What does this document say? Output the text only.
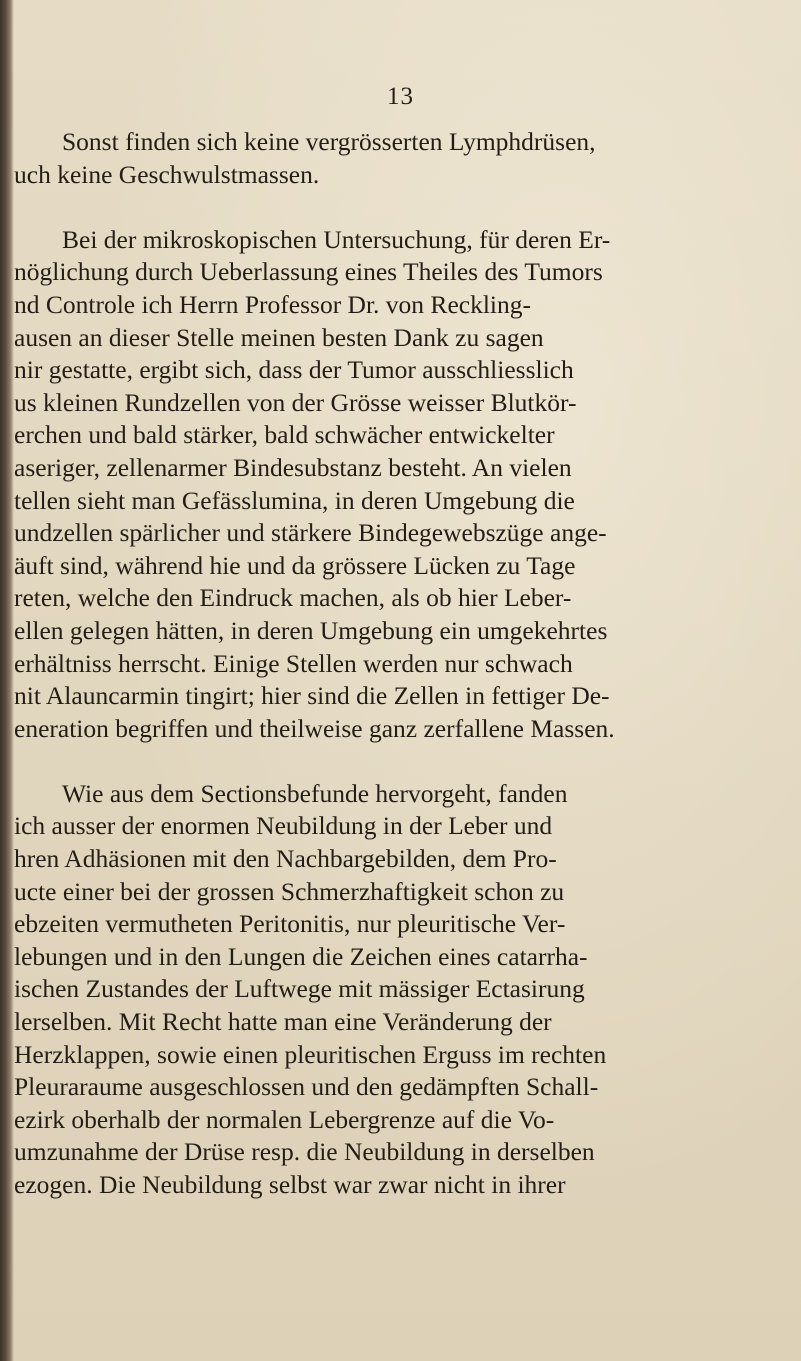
13
Sonst finden sich keine vergrösserten Lymphdrüsen,
uch keine Geschwulstmassen.
Bei der mikroskopischen Untersuchung, für deren Er-
nöglichung durch Ueberlassung eines Theiles des Tumors
nd Controle ich Herrn Professor Dr. von Reckling-
ausen an dieser Stelle meinen besten Dank zu sagen
nir gestatte, ergibt sich, dass der Tumor ausschliesslich
us kleinen Rundzellen von der Grösse weisser Blutkör-
erchen und bald stärker, bald schwächer entwickelter
aseriger, zellenarmer Bindesubstanz besteht. An vielen
tellen sieht man Gefässlumina, in deren Umgebung die
undzellen spärlicher und stärkere Bindegewebszüge ange-
äuft sind, während hie und da grössere Lücken zu Tage
reten, welche den Eindruck machen, als ob hier Leber-
ellen gelegen hätten, in deren Umgebung ein umgekehrtes
erhältniss herrscht. Einige Stellen werden nur schwach
nit Alauncarmin tingirt; hier sind die Zellen in fettiger De-
eneration begriffen und theilweise ganz zerfallene Massen.
Wie aus dem Sectionsbefunde hervorgeht, fanden
ich ausser der enormen Neubildung in der Leber und
hren Adhäsionen mit den Nachbargebilden, dem Pro-
ucte einer bei der grossen Schmerzhaftigkeit schon zu
ebzeiten vermutheten Peritonitis, nur pleuritische Ver-
lebungen und in den Lungen die Zeichen eines catarrha-
ischen Zustandes der Luftwege mit mässiger Ectasirung
lerselben. Mit Recht hatte man eine Veränderung der
Herzklappen, sowie einen pleuritischen Erguss im rechten
Pleuraraume ausgeschlossen und den gedämpften Schall-
ezirk oberhalb der normalen Lebergrenze auf die Vo-
umzunahme der Drüse resp. die Neubildung in derselben
ezogen. Die Neubildung selbst war zwar nicht in ihrer
